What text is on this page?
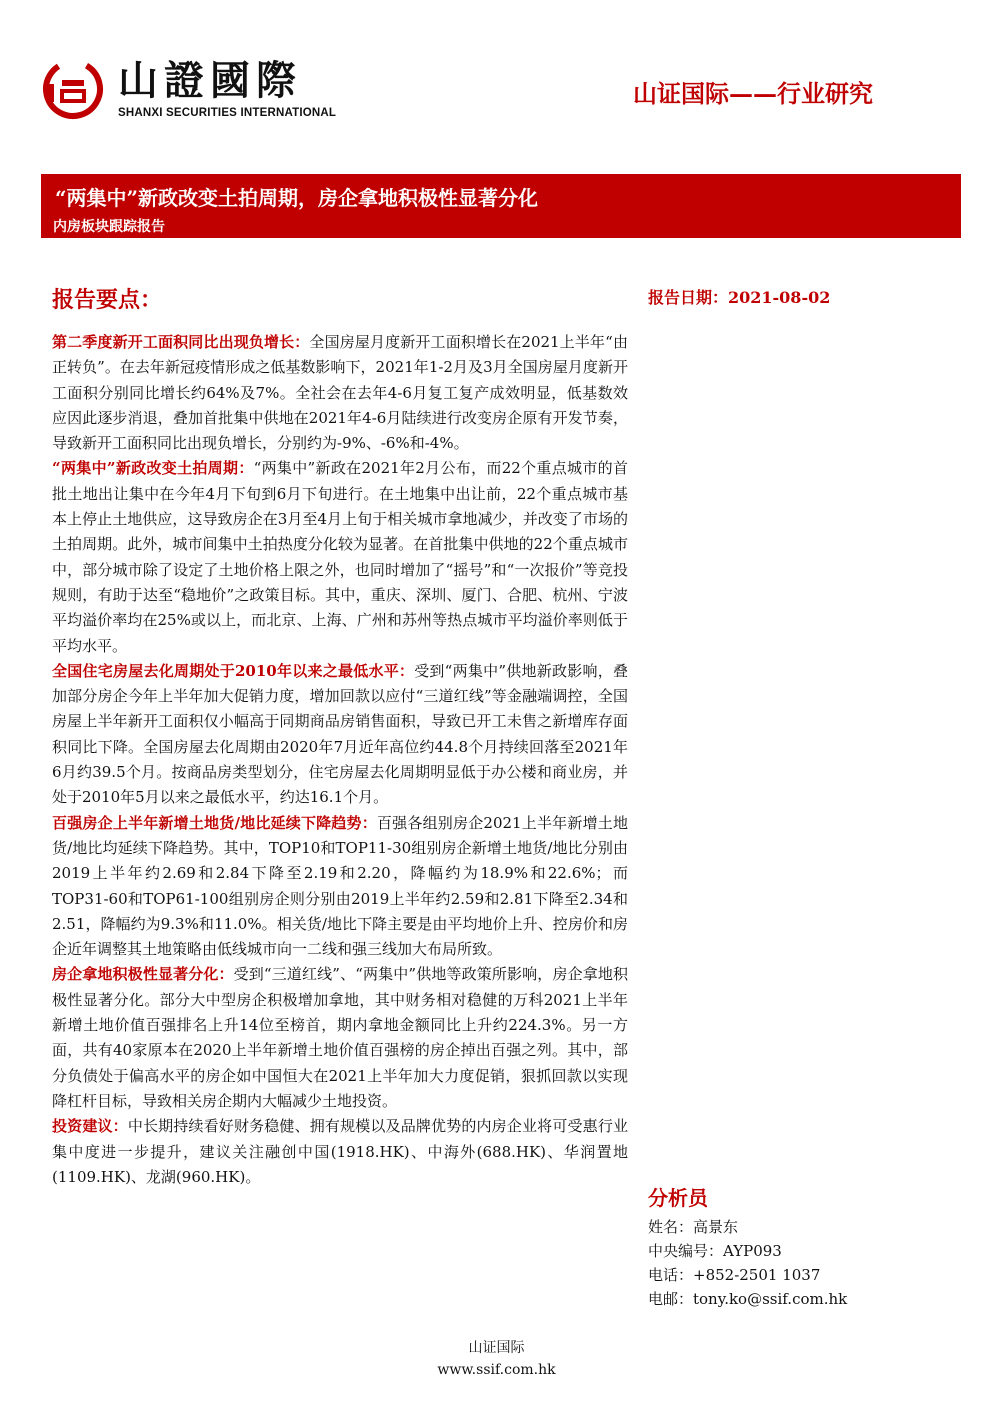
山證國際
SHANXI SECURITIES INTERNATIONAL
山证国际——行业研究
“两集中”新政改变土拍周期，房企拿地积极性显著分化
内房板块跟踪报告
报告要点：	报告日期：2021-08-02

第二季度新开工面积同比出现负增长：全国房屋月度新开工面积增长在2021上半年“由正转负”。在去年新冠疫情形成之低基数影响下，2021年1-2月及3月全国房屋月度新开工面积分别同比增长约64%及7%。全社会在去年4-6月复工复产成效明显，低基数效应因此逐步消退，叠加首批集中供地在2021年4-6月陆续进行改变房企原有开发节奏，导致新开工面积同比出现负增长，分别约为-9%、-6%和-4%。

“两集中”新政改变土拍周期：“两集中”新政在2021年2月公布，而22个重点城市的首批土地出让集中在今年4月下旬到6月下旬进行。在土地集中出让前，22个重点城市基本上停止土地供应，这导致房企在3月至4月上旬于相关城市拿地减少，并改变了市场的土拍周期。此外，城市间集中土拍热度分化较为显著。在首批集中供地的22个重点城市中，部分城市除了设定了土地价格上限之外，也同时增加了“摇号”和“一次报价”等竞投规则，有助于达至“稳地价”之政策目标。其中，重庆、深圳、厦门、合肥、杭州、宁波平均溢价率均在25%或以上，而北京、上海、广州和苏州等热点城市平均溢价率则低于平均水平。

全国住宅房屋去化周期处于2010年以来之最低水平：受到“两集中”供地新政影响，叠加部分房企今年上半年加大促销力度，增加回款以应付“三道红线”等金融端调控，全国房屋上半年新开工面积仅小幅高于同期商品房销售面积，导致已开工未售之新增库存面积同比下降。全国房屋去化周期由2020年7月近年高位约44.8个月持续回落至2021年6月约39.5个月。按商品房类型划分，住宅房屋去化周期明显低于办公楼和商业房，并处于2010年5月以来之最低水平，约达16.1个月。

百强房企上半年新增土地货/地比延续下降趋势：百强各组别房企2021上半年新增土地货/地比均延续下降趋势。其中，TOP10和TOP11-30组别房企新增土地货/地比分别由2019上半年约2.69和2.84下降至2.19和2.20，降幅约为18.9%和22.6%；而TOP31-60和TOP61-100组别房企则分别由2019上半年约2.59和2.81下降至2.34和2.51，降幅约为9.3%和11.0%。相关货/地比下降主要是由平均地价上升、控房价和房企近年调整其土地策略由低线城市向一二线和强三线加大布局所致。

房企拿地积极性显著分化：受到“三道红线”、“两集中”供地等政策所影响，房企拿地积极性显著分化。部分大中型房企积极增加拿地，其中财务相对稳健的万科2021上半年新增土地价值百强排名上升14位至榜首，期内拿地金额同比上升约224.3%。另一方面，共有40家原本在2020上半年新增土地价值百强榜的房企掉出百强之列。其中，部分负债处于偏高水平的房企如中国恒大在2021上半年加大力度促销，狠抓回款以实现降杠杆目标，导致相关房企期内大幅减少土地投资。

投资建议：中长期持续看好财务稳健、拥有规模以及品牌优势的内房企业将可受惠行业集中度进一步提升，建议关注融创中国(1918.HK)、中海外(688.HK)、华润置地(1109.HK)、龙湖(960.HK)。

分析员
姓名：高景东
中央编号：AYP093
电话：+852-2501 1037
电邮：tony.ko@ssif.com.hk
山证国际
www.ssif.com.hk
